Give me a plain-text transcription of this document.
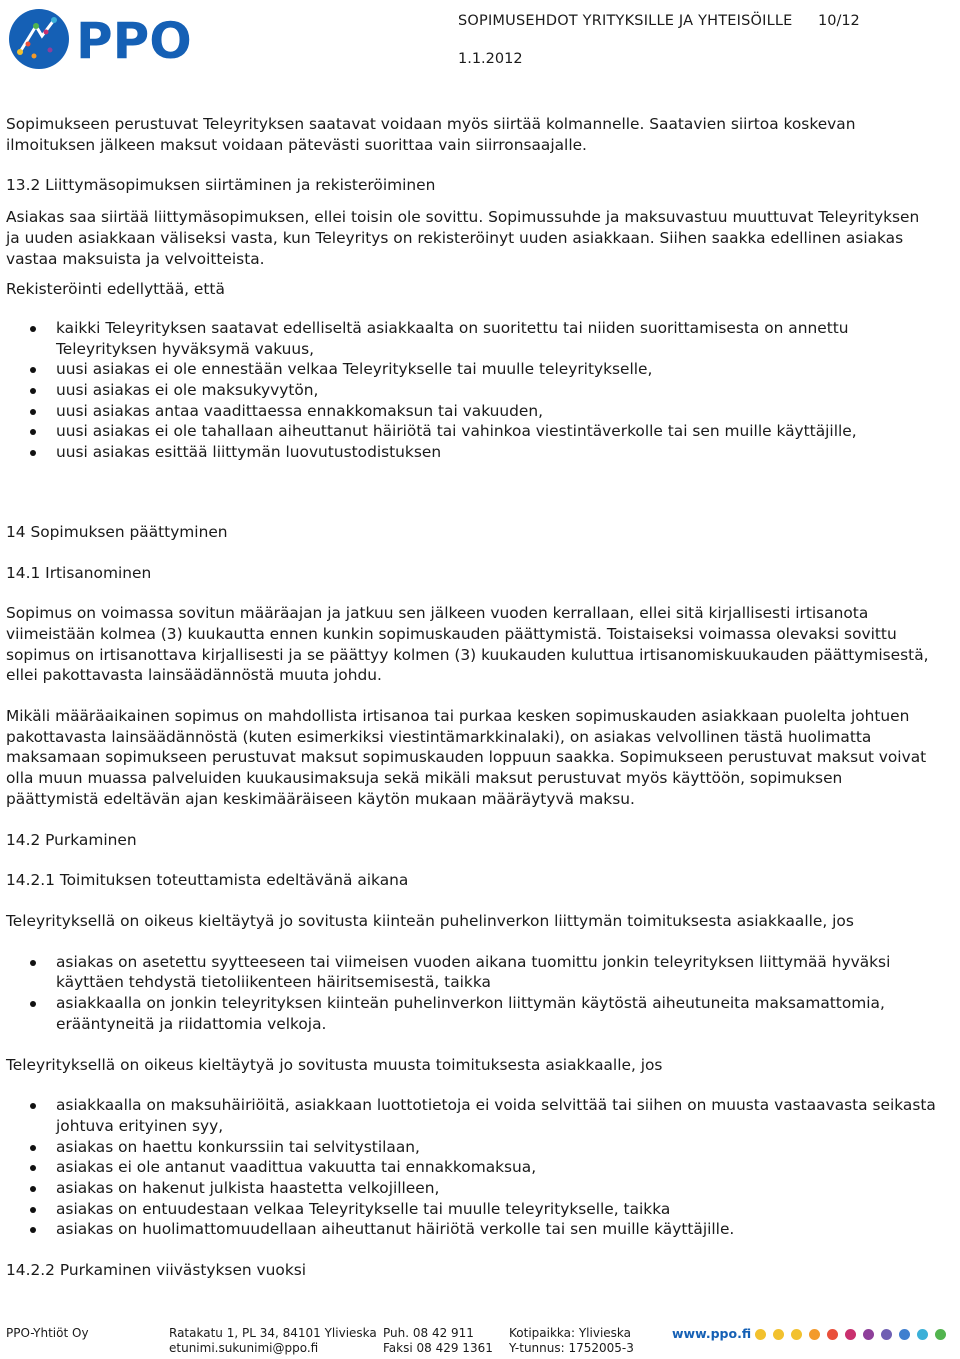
PPO	SOPIMUSEHDOT YRITYKSILLE JA YHTEISÖILLE 10/12
1.1.2012

Sopimukseen perustuvat Teleyrityksen saatavat voidaan myös siirtää kolmannelle. Saatavien siirtoa koskevan ilmoituksen jälkeen maksut voidaan pätevästi suorittaa vain siirronsaajalle.

13.2 Liittymäsopimuksen siirtäminen ja rekisteröiminen

Asiakas saa siirtää liittymäsopimuksen, ellei toisin ole sovittu. Sopimussuhde ja maksuvastuu muuttuvat Teleyrityksen ja uuden asiakkaan väliseksi vasta, kun Teleyritys on rekisteröinyt uuden asiakkaan. Siihen saakka edellinen asiakas vastaa maksuista ja velvoitteista.

Rekisteröinti edellyttää, että

kaikki Teleyrityksen saatavat edelliseltä asiakkaalta on suoritettu tai niiden suorittamisesta on annettu Teleyrityksen hyväksymä vakuus,
uusi asiakas ei ole ennestään velkaa Teleyritykselle tai muulle teleyritykselle,
uusi asiakas ei ole maksukyvytön,
uusi asiakas antaa vaadittaessa ennakkomaksun tai vakuuden,
uusi asiakas ei ole tahallaan aiheuttanut häiriötä tai vahinkoa viestintäverkolle tai sen muille käyttäjille,
uusi asiakas esittää liittymän luovutustodistuksen
14 Sopimuksen päättyminen
14.1 Irtisanominen

Sopimus on voimassa sovitun määräajan ja jatkuu sen jälkeen vuoden kerrallaan, ellei sitä kirjallisesti irtisanota viimeistään kolmea (3) kuukautta ennen kunkin sopimuskauden päättymistä. Toistaiseksi voimassa olevaksi sovittu sopimus on irtisanottava kirjallisesti ja se päättyy kolmen (3) kuukauden kuluttua irtisanomiskuukauden päättymisestä, ellei pakottavasta lainsäädännöstä muuta johdu.

Mikäli määräaikainen sopimus on mahdollista irtisanoa tai purkaa kesken sopimuskauden asiakkaan puolelta johtuen pakottavasta lainsäädännöstä (kuten esimerkiksi viestintämarkkinalaki), on asiakas velvollinen tästä huolimatta maksamaan sopimukseen perustuvat maksut sopimuskauden loppuun saakka. Sopimukseen perustuvat maksut voivat olla muun muassa palveluiden kuukausimaksuja sekä mikäli maksut perustuvat myös käyttöön, sopimuksen päättymistä edeltävän ajan keskimääräiseen käytön mukaan määräytyvä maksu.

14.2 Purkaminen
14.2.1 Toimituksen toteuttamista edeltävänä aikana

Teleyrityksellä on oikeus kieltäytyä jo sovitusta kiinteän puhelinverkon liittymän toimituksesta asiakkaalle, jos

asiakas on asetettu syytteeseen tai viimeisen vuoden aikana tuomittu jonkin teleyrityksen liittymää hyväksi käyttäen tehdystä tietoliikenteen häiritsemisestä, taikka
asiakkaalla on jonkin teleyrityksen kiinteän puhelinverkon liittymän käytöstä aiheutuneita maksamattomia, erääntyneitä ja riidattomia velkoja.

Teleyrityksellä on oikeus kieltäytyä jo sovitusta muusta toimituksesta asiakkaalle, jos

asiakkaalla on maksuhäiriöitä, asiakkaan luottotietoja ei voida selvittää tai siihen on muusta vastaavasta seikasta johtuva erityinen syy,
asiakas on haettu konkurssiin tai selvitystilaan,
asiakas ei ole antanut vaadittua vakuutta tai ennakkomaksua,
asiakas on hakenut julkista haastetta velkojilleen,
asiakas on entuudestaan velkaa Teleyritykselle tai muulle teleyritykselle, taikka
asiakas on huolimattomuudellaan aiheuttanut häiriötä verkolle tai sen muille käyttäjille.
14.2.2 Purkaminen viivästyksen vuoksi
PPO-Yhtiöt Oy	Ratakatu 1, PL 34, 84101 Ylivieska
etunimi.sukunimi@ppo.fi
Puh. 08 42 911
Faksi 08 429 1361
Kotipaikka: Ylivieska
Y-tunnus: 1752005-3
www.ppo.fi
